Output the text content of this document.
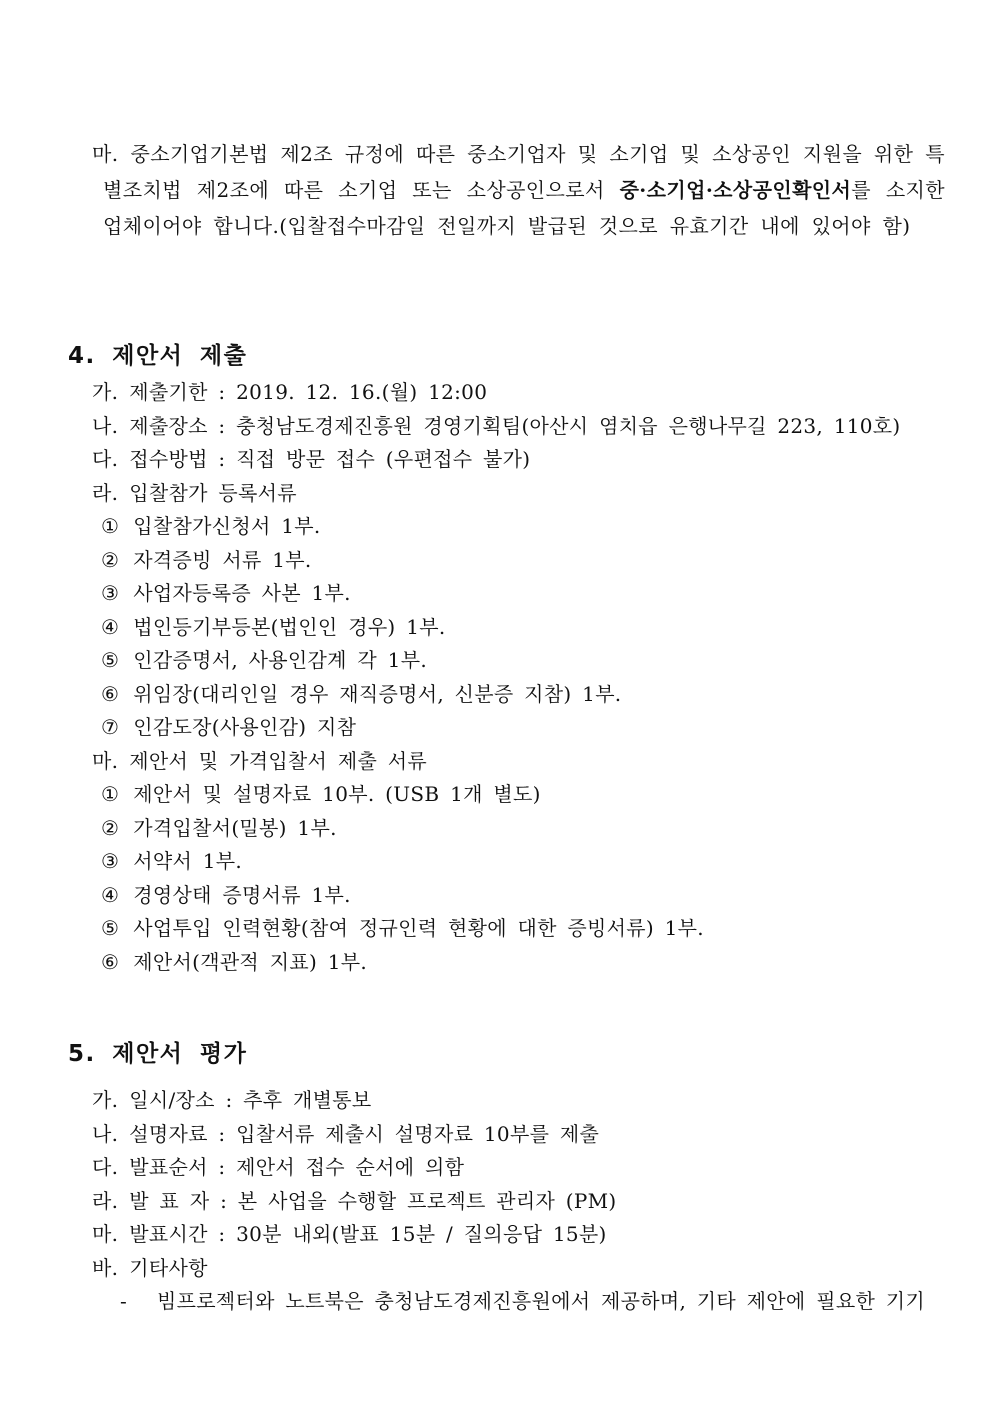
마. 중소기업기본법 제2조 규정에 따른 중소기업자 및 소기업 및 소상공인 지원을 위한 특별조치법 제2조에 따른 소기업 또는 소상공인으로서 중·소기업·소상공인확인서를 소지한 업체이어야 합니다.(입찰접수마감일 전일까지 발급된 것으로 유효기간 내에 있어야 함)
4. 제안서 제출
가. 제출기한 : 2019. 12. 16.(월) 12:00
나. 제출장소 : 충청남도경제진흥원 경영기획팀(아산시 염치읍 은행나무길 223, 110호)
다. 접수방법 : 직접 방문 접수 (우편접수 불가)
라. 입찰참가 등록서류
① 입찰참가신청서 1부.
② 자격증빙 서류 1부.
③ 사업자등록증 사본 1부.
④ 법인등기부등본(법인인 경우) 1부.
⑤ 인감증명서, 사용인감계 각 1부.
⑥ 위임장(대리인일 경우 재직증명서, 신분증 지참) 1부.
⑦ 인감도장(사용인감) 지참
마. 제안서 및 가격입찰서 제출 서류
① 제안서 및 설명자료 10부. (USB 1개 별도)
② 가격입찰서(밀봉) 1부.
③ 서약서 1부.
④ 경영상태 증명서류 1부.
⑤ 사업투입 인력현황(참여 정규인력 현황에 대한 증빙서류) 1부.
⑥ 제안서(객관적 지표) 1부.
5. 제안서 평가
가. 일시/장소 : 추후 개별통보
나. 설명자료 : 입찰서류 제출시 설명자료 10부를 제출
다. 발표순서 : 제안서 접수 순서에 의함
라. 발 표 자 : 본 사업을 수행할 프로젝트 관리자 (PM)
마. 발표시간 : 30분 내외(발표 15분 / 질의응답 15분)
바. 기타사항
- 빔프로젝터와 노트북은 충청남도경제진흥원에서 제공하며, 기타 제안에 필요한 기기
